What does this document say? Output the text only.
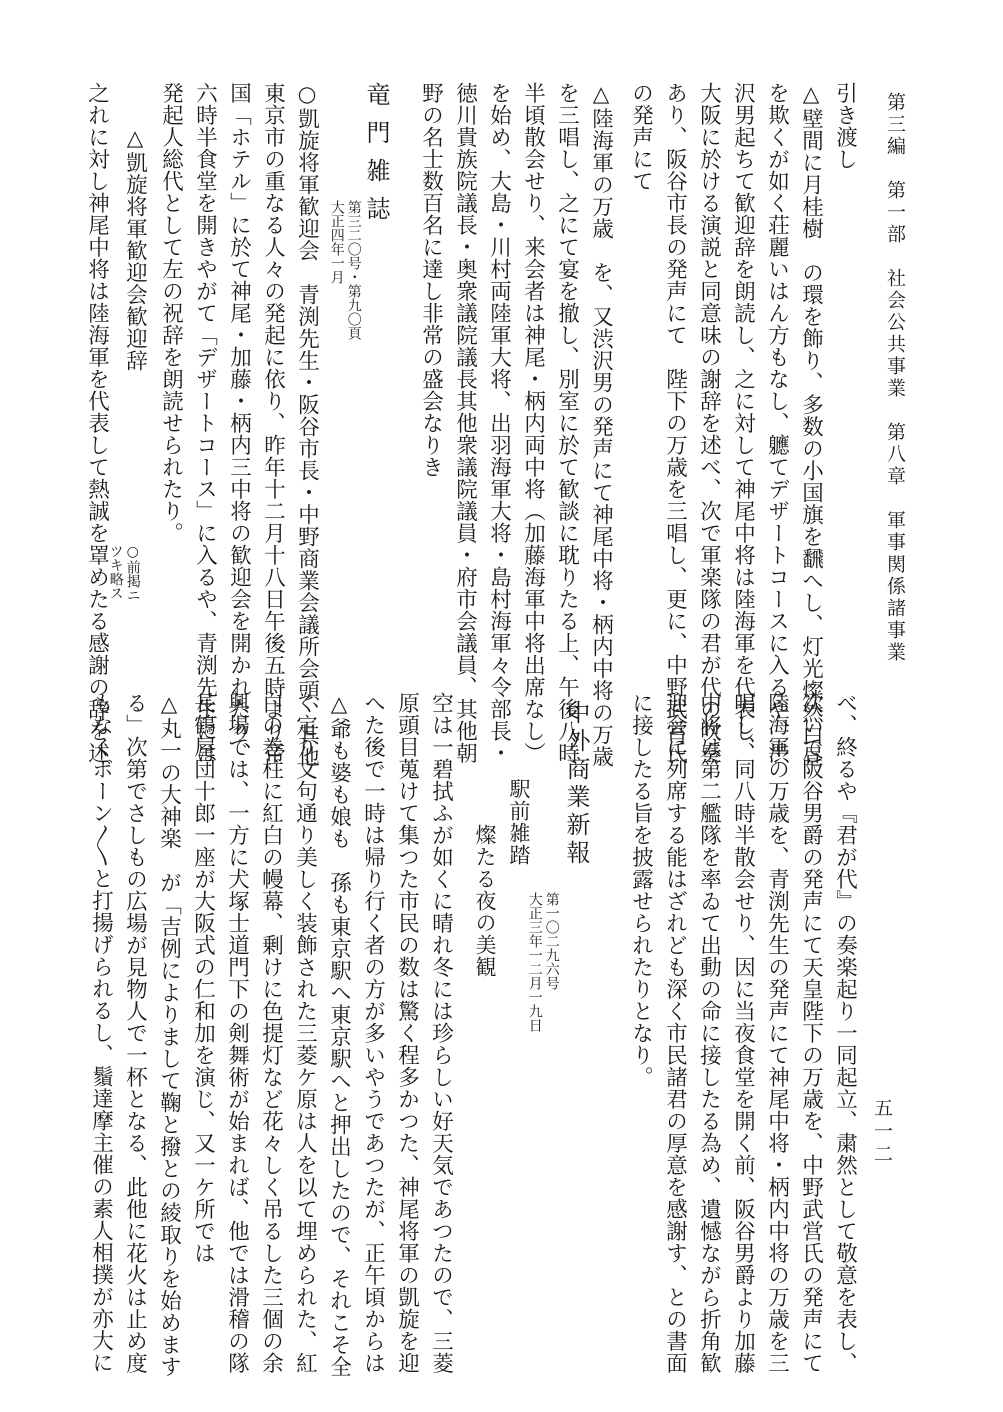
第三編　第一部　社会公共事業　第八章　軍事関係諸事業
五一二
引き渡し
△壁間に月桂樹　の環を飾り、多数の小国旗を飜へし、灯光燦然白昼
を欺くが如く荘麗いはん方もなし、軈てデザートコースに入るや、渋
沢男起ちて歓迎辞を朗読し、之に対して神尾中将は陸海軍を代表し、
大阪に於ける演説と同意味の謝辞を述べ、次で軍楽隊の君が代の吹奏
あり、阪谷市長の発声にて　陛下の万歳を三唱し、更に、中野武営氏
の発声にて
△陸海軍の万歳　を、又渋沢男の発声にて神尾中将・柄内中将の万歳
を三唱し、之にて宴を撤し、別室に於て歓談に耽りたる上、午後八時
半頃散会せり、来会者は神尾・柄内両中将（加藤海軍中将出席なし）
を始め、大島・川村両陸軍大将、出羽海軍大将・島村海軍々令部長・
徳川貴族院議長・奥衆議院議長其他衆議院議員・府市会議員、其他朝
野の名士数百名に達し非常の盛会なりき
竜門雑誌
第三二〇号・第九〇頁
大正四年一月
○凱旋将軍歓迎会　青渕先生・阪谷市長・中野商業会議所会頭、其他
東京市の重なる人々の発起に依り、昨年十二月十八日午後五時より帝
国「ホテル」に於て神尾・加藤・柄内三中将の歓迎会を開かれたり、
六時半食堂を開きやがて「デザートコース」に入るや、青渕先生には
発起人総代として左の祝辞を朗読せられたり。
△凱旋将軍歓迎会歓迎辞
○前掲ニ
ツキ略ス
之れに対し神尾中将は陸海軍を代表して熱誠を罩めたる感謝の辞を述
べ、終るや『君が代』の奏楽起り一同起立、粛然として敬意を表し、
次いで阪谷男爵の発声にて天皇陛下の万歳を、中野武営氏の発声にて
陸海軍の万歳を、青渕先生の発声にて神尾中将・柄内中将の万歳を三
唱し、同八時半散会せり、因に当夜食堂を開く前、阪谷男爵より加藤
中将は第二艦隊を率ゐて出動の命に接したる為め、遺憾ながら折角歓
迎会に列席する能はざれども深く市民諸君の厚意を感謝す、との書面
に接したる旨を披露せられたりとなり。
中外商業新報
第一〇二九六号
大正三年一二月一九日
駅前雑踏
燦たる夜の美観
空は一碧拭ふが如くに晴れ冬には珍らしい好天気であつたので、三菱
原頭目蒐けて集つた市民の数は驚く程多かつた、神尾将軍の凱旋を迎
へた後で一時は帰り行く者の方が多いやうであつたが、正午頃からは
△爺も婆も娘も　孫も東京駅へ東京駅へと押出したので、それこそ全
く定り文句通り美しく装飾された三菱ケ原は人を以て埋められた、紅
白の巻柱に紅白の幔幕、剰けに色提灯など花々しく吊るした三個の余
興場では、一方に犬塚士道門下の剣舞術が始まれば、他では滑稽の隊
長鶴屋団十郎一座が大阪式の仁和加を演じ、又一ケ所では
△丸一の大神楽　が「吉例によりまして鞠と撥との綾取りを始めます
る」次第でさしもの広場が見物人で一杯となる、此他に花火は止め度
もなくボーン〳〵と打揚げられるし、鬚達摩主催の素人相撲が亦大に
